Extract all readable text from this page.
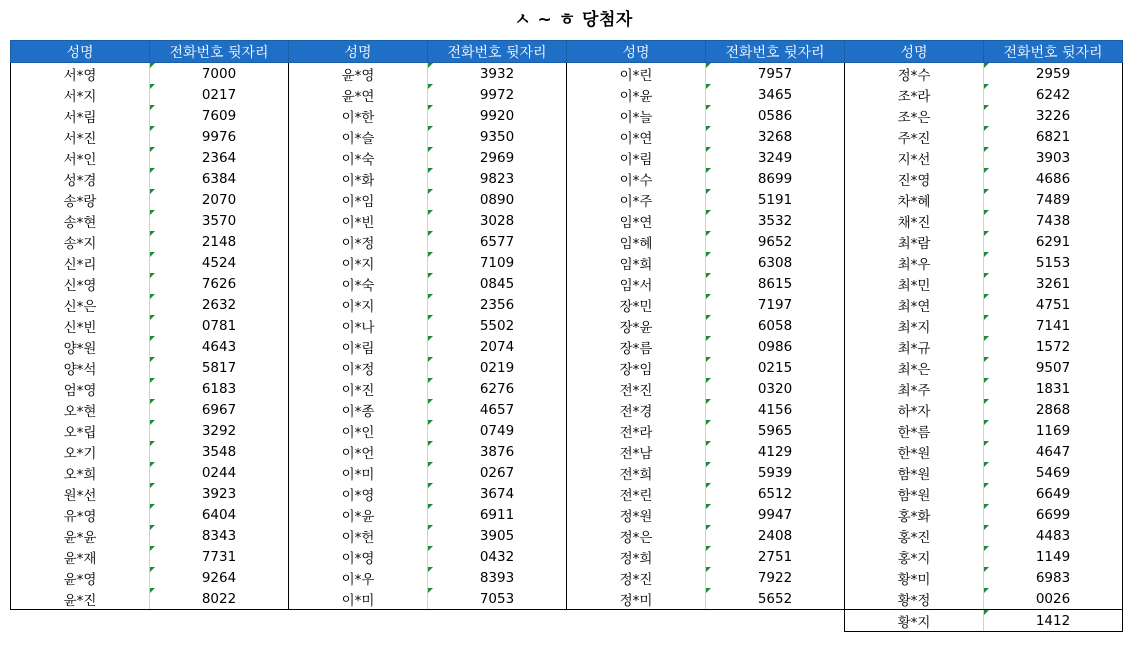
ㅅ ~ ㅎ 당첨자
성명	전화번호 뒷자리	성명	전화번호 뒷자리	성명	전화번호 뒷자리	성명	전화번호 뒷자리
서*영	7000	윤*영	3932	이*린	7957	정*수	2959
서*지	0217	윤*연	9972	이*윤	3465	조*라	6242
서*림	7609	이*한	9920	이*늘	0586	조*은	3226
서*진	9976	이*슬	9350	이*연	3268	주*진	6821
서*인	2364	이*숙	2969	이*림	3249	지*선	3903
성*경	6384	이*화	9823	이*수	8699	진*영	4686
송*랑	2070	이*임	0890	이*주	5191	차*혜	7489
송*현	3570	이*빈	3028	임*연	3532	채*진	7438
송*지	2148	이*정	6577	임*혜	9652	최*람	6291
신*리	4524	이*지	7109	임*희	6308	최*우	5153
신*영	7626	이*숙	0845	임*서	8615	최*민	3261
신*은	2632	이*지	2356	장*민	7197	최*연	4751
신*빈	0781	이*나	5502	장*윤	6058	최*지	7141
양*원	4643	이*림	2074	장*름	0986	최*규	1572
양*석	5817	이*정	0219	장*임	0215	최*은	9507
엄*영	6183	이*진	6276	전*진	0320	최*주	1831
오*현	6967	이*종	4657	전*경	4156	하*자	2868
오*립	3292	이*인	0749	전*라	5965	한*름	1169
오*기	3548	이*언	3876	전*남	4129	한*원	4647
오*희	0244	이*미	0267	전*희	5939	함*원	5469
원*선	3923	이*영	3674	전*린	6512	함*원	6649
유*영	6404	이*윤	6911	정*원	9947	홍*화	6699
윤*윤	8343	이*헌	3905	정*은	2408	홍*진	4483
윤*재	7731	이*영	0432	정*희	2751	홍*지	1149
윤*영	9264	이*우	8393	정*진	7922	황*미	6983
윤*진	8022	이*미	7053	정*미	5652	황*정	0026
						황*지	1412
